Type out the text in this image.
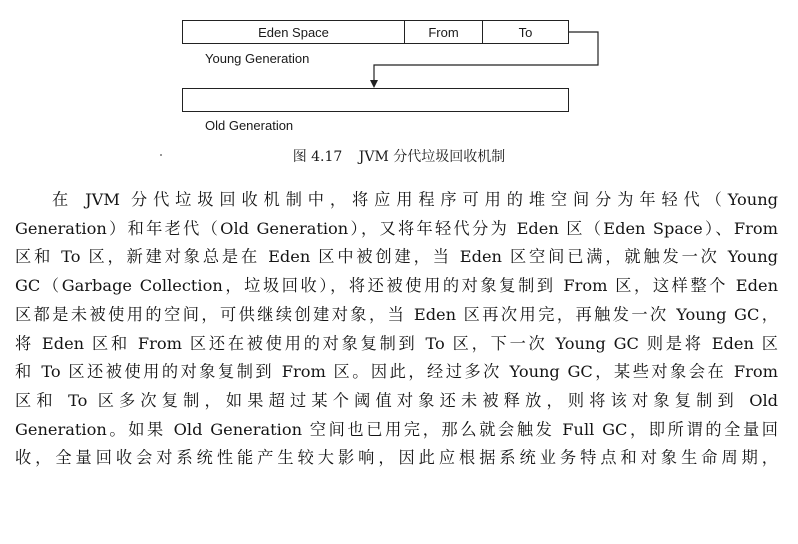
Eden Space	From	To
Young Generation
Old Generation
图 4.17 JVM 分代垃圾回收机制
在 JVM 分代垃圾回收机制中，将应用程序可用的堆空间分为年轻代（Young
Generation）和年老代（Old Generation），又将年轻代分为 Eden 区（Eden Space）、From
区和 To 区，新建对象总是在 Eden 区中被创建，当 Eden 区空间已满，就触发一次 Young
GC（Garbage Collection，垃圾回收），将还被使用的对象复制到 From 区，这样整个 Eden
区都是未被使用的空间，可供继续创建对象，当 Eden 区再次用完，再触发一次 Young GC，
将 Eden 区和 From 区还在被使用的对象复制到 To 区，下一次 Young GC 则是将 Eden 区
和 To 区还被使用的对象复制到 From 区。因此，经过多次 Young GC，某些对象会在 From
区和 To 区多次复制，如果超过某个阈值对象还未被释放，则将该对象复制到 Old
Generation。如果 Old Generation 空间也已用完，那么就会触发 Full GC，即所谓的全量回
收，全量回收会对系统性能产生较大影响，因此应根据系统业务特点和对象生命周期，
